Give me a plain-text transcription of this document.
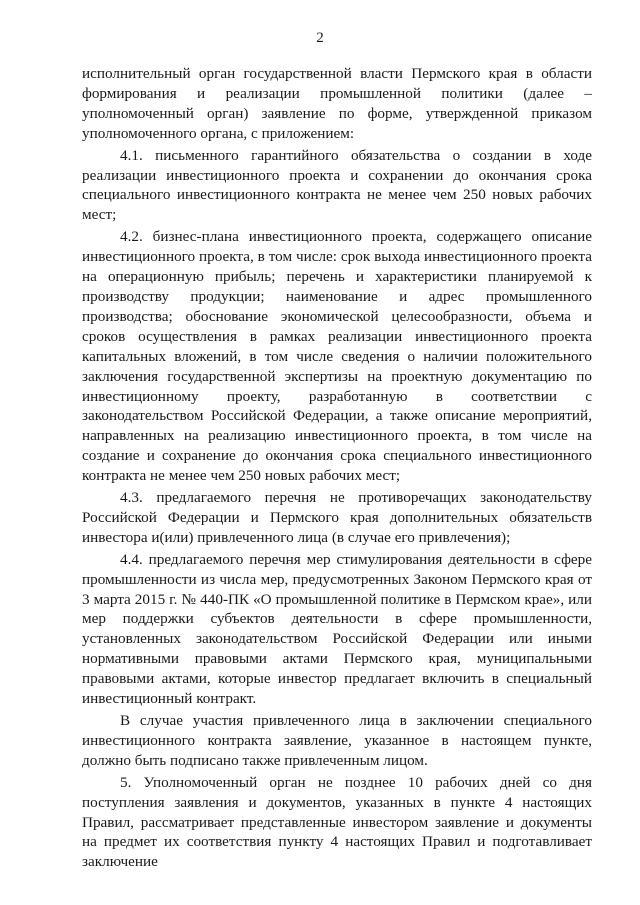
2

исполнительный орган государственной власти Пермского края в области формирования и реализации промышленной политики (далее – уполномоченный орган) заявление по форме, утвержденной приказом уполномоченного органа, с приложением:

4.1. письменного гарантийного обязательства о создании в ходе реализации инвестиционного проекта и сохранении до окончания срока специального инвестиционного контракта не менее чем 250 новых рабочих мест;

4.2. бизнес-плана инвестиционного проекта, содержащего описание инвестиционного проекта, в том числе: срок выхода инвестиционного проекта на операционную прибыль; перечень и характеристики планируемой к производству продукции; наименование и адрес промышленного производства; обоснование экономической целесообразности, объема и сроков осуществления в рамках реализации инвестиционного проекта капитальных вложений, в том числе сведения о наличии положительного заключения государственной экспертизы на проектную документацию по инвестиционному проекту, разработанную в соответствии с законодательством Российской Федерации, а также описание мероприятий, направленных на реализацию инвестиционного проекта, в том числе на создание и сохранение до окончания срока специального инвестиционного контракта не менее чем 250 новых рабочих мест;

4.3. предлагаемого перечня не противоречащих законодательству Российской Федерации и Пермского края дополнительных обязательств инвестора и(или) привлеченного лица (в случае его привлечения);

4.4. предлагаемого перечня мер стимулирования деятельности в сфере промышленности из числа мер, предусмотренных Законом Пермского края от 3 марта 2015 г. № 440-ПК «О промышленной политике в Пермском крае», или мер поддержки субъектов деятельности в сфере промышленности, установленных законодательством Российской Федерации или иными нормативными правовыми актами Пермского края, муниципальными правовыми актами, которые инвестор предлагает включить в специальный инвестиционный контракт.

В случае участия привлеченного лица в заключении специального инвестиционного контракта заявление, указанное в настоящем пункте, должно быть подписано также привлеченным лицом.

5. Уполномоченный орган не позднее 10 рабочих дней со дня поступления заявления и документов, указанных в пункте 4 настоящих Правил, рассматривает представленные инвестором заявление и документы на предмет их соответствия пункту 4 настоящих Правил и подготавливает заключение
